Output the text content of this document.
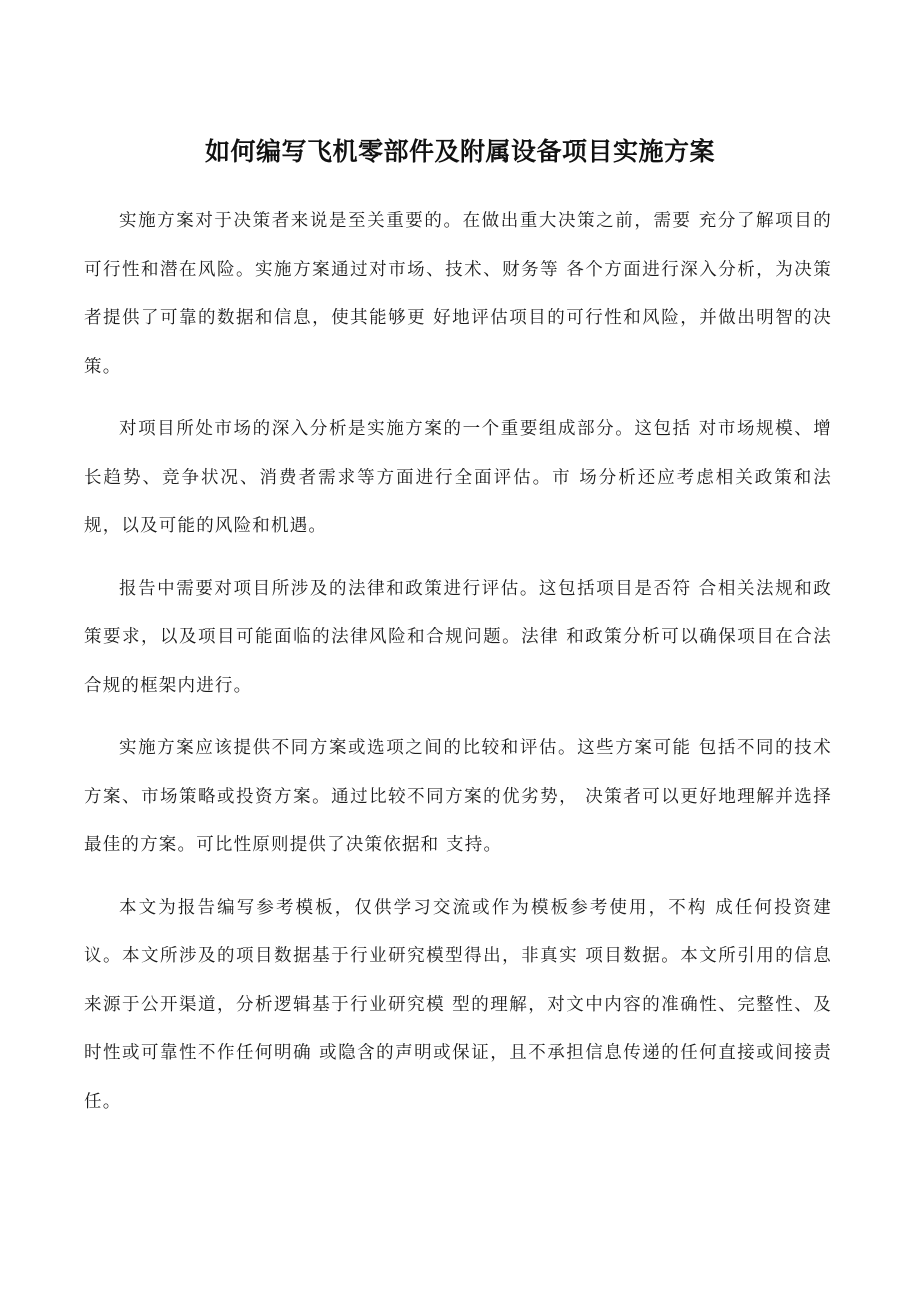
如何编写飞机零部件及附属设备项目实施方案

实施方案对于决策者来说是至关重要的。在做出重大决策之前，需要 充分了解项目的可行性和潜在风险。实施方案通过对市场、技术、财务等 各个方面进行深入分析，为决策者提供了可靠的数据和信息，使其能够更 好地评估项目的可行性和风险，并做出明智的决策。

对项目所处市场的深入分析是实施方案的一个重要组成部分。这包括 对市场规模、增长趋势、竞争状况、消费者需求等方面进行全面评估。市 场分析还应考虑相关政策和法规，以及可能的风险和机遇。

报告中需要对项目所涉及的法律和政策进行评估。这包括项目是否符 合相关法规和政策要求，以及项目可能面临的法律风险和合规问题。法律 和政策分析可以确保项目在合法合规的框架内进行。

实施方案应该提供不同方案或选项之间的比较和评估。这些方案可能 包括不同的技术方案、市场策略或投资方案。通过比较不同方案的优劣势， 决策者可以更好地理解并选择最佳的方案。可比性原则提供了决策依据和 支持。

本文为报告编写参考模板，仅供学习交流或作为模板参考使用，不构 成任何投资建议。本文所涉及的项目数据基于行业研究模型得出，非真实 项目数据。本文所引用的信息来源于公开渠道，分析逻辑基于行业研究模 型的理解，对文中内容的准确性、完整性、及时性或可靠性不作任何明确 或隐含的声明或保证，且不承担信息传递的任何直接或间接责任。
